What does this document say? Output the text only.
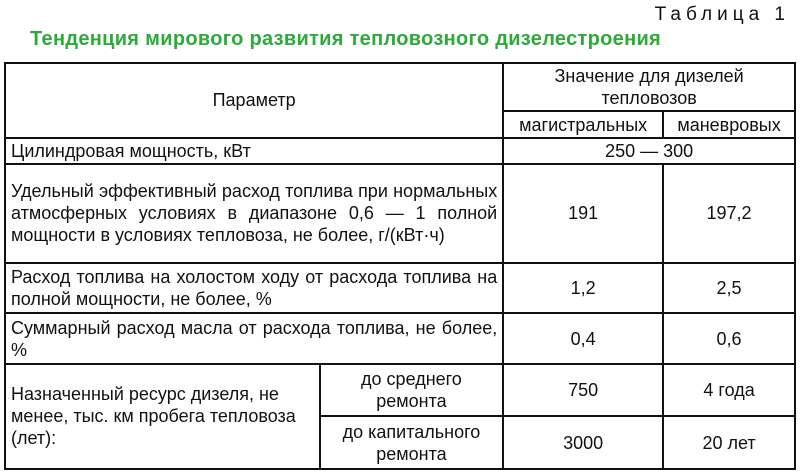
Таблица 1
Тенденция мирового развития тепловозного дизелестроения
Параметр		Значение для дизелей тепловозов	
		магистральных	маневровых
Цилиндровая мощность, кВт		250 — 300	
Удельный эффективный расход топлива при нормальных атмосферных условиях в диапазоне 0,6 — 1 полной мощности в условиях тепловоза, не более, г/(кВт·ч)		191	197,2
Расход топлива на холостом ходу от расхода топлива на полной мощности, не более, %		1,2	2,5
Суммарный расход масла от расхода топлива, не более, %		0,4	0,6
Назначенный ресурс дизеля, не менее, тыс. км пробега тепловоза (лет):	до среднего ремонта	750	4 года
	до капитального ремонта	3000	20 лет
